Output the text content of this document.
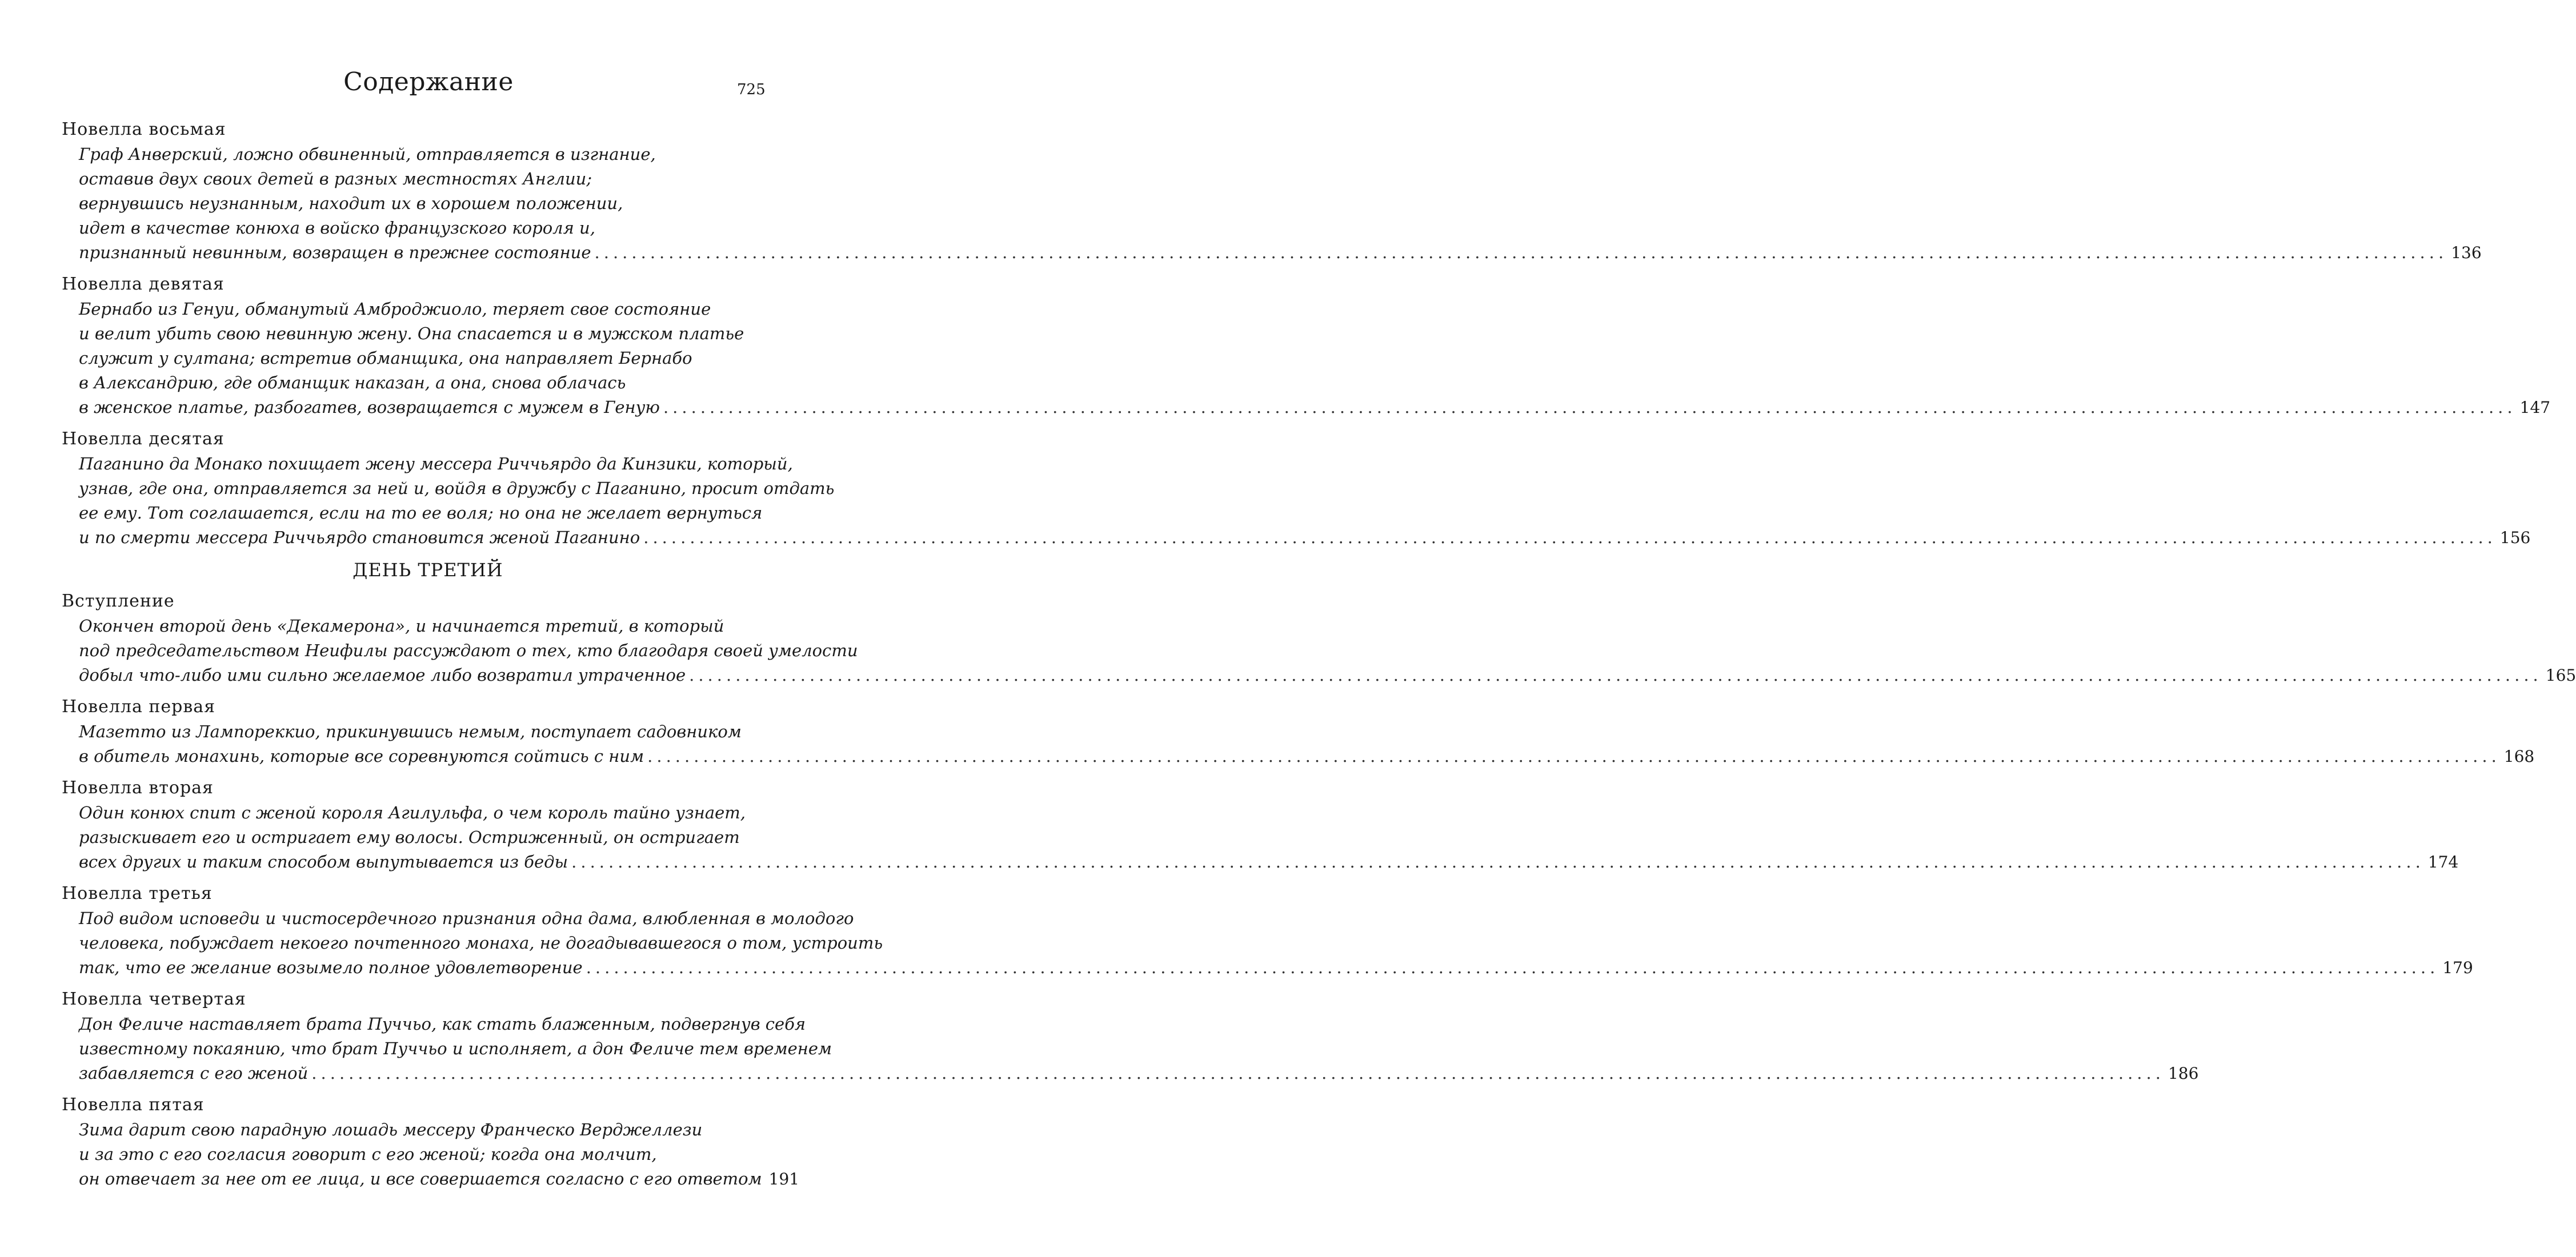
Содержание	725
Новелла восьмая
Граф Анверский, ложно обвиненный, отправляется в изгнание,
оставив двух своих детей в разных местностях Англии;
вернувшись неузнанным, находит их в хорошем положении,
идет в качестве конюха в войско французского короля и,
признанный невинным, возвращен в прежнее состояние ........................................................................................................................................................................................................ 136
Новелла девятая
Бернабо из Генуи, обманутый Амброджиоло, теряет свое состояние
и велит убить свою невинную жену. Она спасается и в мужском платье
служит у султана; встретив обманщика, она направляет Бернабо
в Александрию, где обманщик наказан, а она, снова облачась
в женское платье, разбогатев, возвращается с мужем в Геную ........................................................................................................................................................................................................ 147
Новелла десятая
Паганино да Монако похищает жену мессера Риччьярдо да Кинзики, который,
узнав, где она, отправляется за ней и, войдя в дружбу с Паганино, просит отдать
ее ему. Тот соглашается, если на то ее воля; но она не желает вернуться
и по смерти мессера Риччьярдо становится женой Паганино ........................................................................................................................................................................................................ 156
ДЕНЬ ТРЕТИЙ
Вступление
Окончен второй день «Декамерона», и начинается третий, в который
под председательством Неифилы рассуждают о тех, кто благодаря своей умелости
добыл что-либо ими сильно желаемое либо возвратил утраченное ........................................................................................................................................................................................................ 165
Новелла первая
Мазетто из Лампореккио, прикинувшись немым, поступает садовником
в обитель монахинь, которые все соревнуются сойтись с ним ........................................................................................................................................................................................................ 168
Новелла вторая
Один конюх спит с женой короля Агилульфа, о чем король тайно узнает,
разыскивает его и остригает ему волосы. Остриженный, он остригает
всех других и таким способом выпутывается из беды ........................................................................................................................................................................................................ 174
Новелла третья
Под видом исповеди и чистосердечного признания одна дама, влюбленная в молодого
человека, побуждает некоего почтенного монаха, не догадывавшегося о том, устроить
так, что ее желание возымело полное удовлетворение ........................................................................................................................................................................................................ 179
Новелла четвертая
Дон Феличе наставляет брата Пуччьо, как стать блаженным, подвергнув себя
известному покаянию, что брат Пуччьо и исполняет, а дон Феличе тем временем
забавляется с его женой ........................................................................................................................................................................................................ 186
Новелла пятая
Зима дарит свою парадную лошадь мессеру Франческо Верджеллези
и за это с его согласия говорит с его женой; когда она молчит,
он отвечает за нее от ее лица, и все совершается согласно с его ответом 191
